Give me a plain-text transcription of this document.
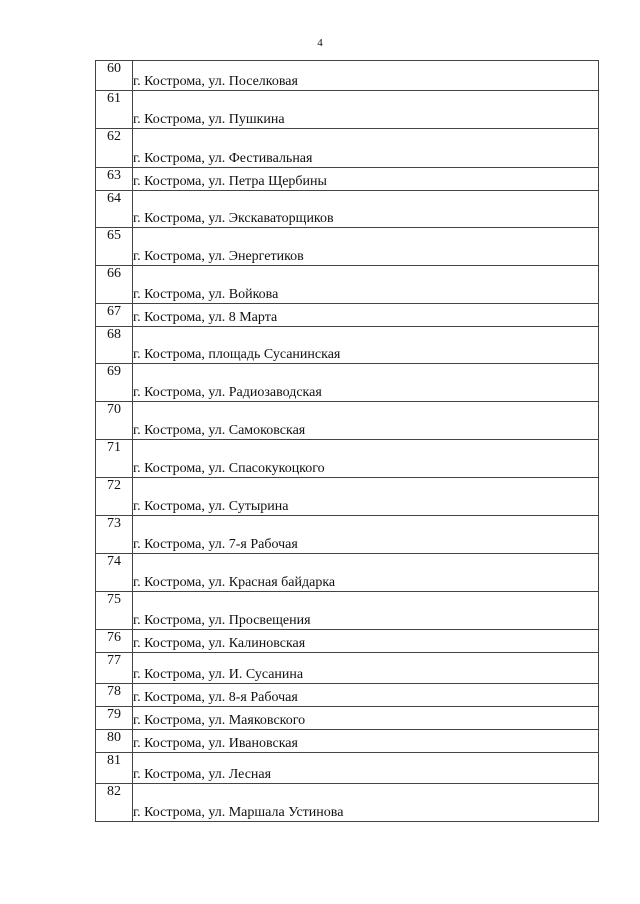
4
60	г. Кострома, ул. Поселковая
61	г. Кострома, ул. Пушкина
62	г. Кострома, ул. Фестивальная
63	г. Кострома, ул. Петра Щербины
64	г. Кострома, ул. Экскаваторщиков
65	г. Кострома, ул. Энергетиков
66	г. Кострома, ул. Войкова
67	г. Кострома, ул. 8 Марта
68	г. Кострома, площадь Сусанинская
69	г. Кострома, ул. Радиозаводская
70	г. Кострома, ул. Самоковская
71	г. Кострома, ул. Спасокукоцкого
72	г. Кострома, ул. Сутырина
73	г. Кострома, ул. 7-я Рабочая
74	г. Кострома, ул. Красная байдарка
75	г. Кострома, ул. Просвещения
76	г. Кострома, ул. Калиновская
77	г. Кострома, ул. И. Сусанина
78	г. Кострома, ул. 8-я Рабочая
79	г. Кострома, ул. Маяковского
80	г. Кострома, ул. Ивановская
81	г. Кострома, ул. Лесная
82	г. Кострома, ул. Маршала Устинова
